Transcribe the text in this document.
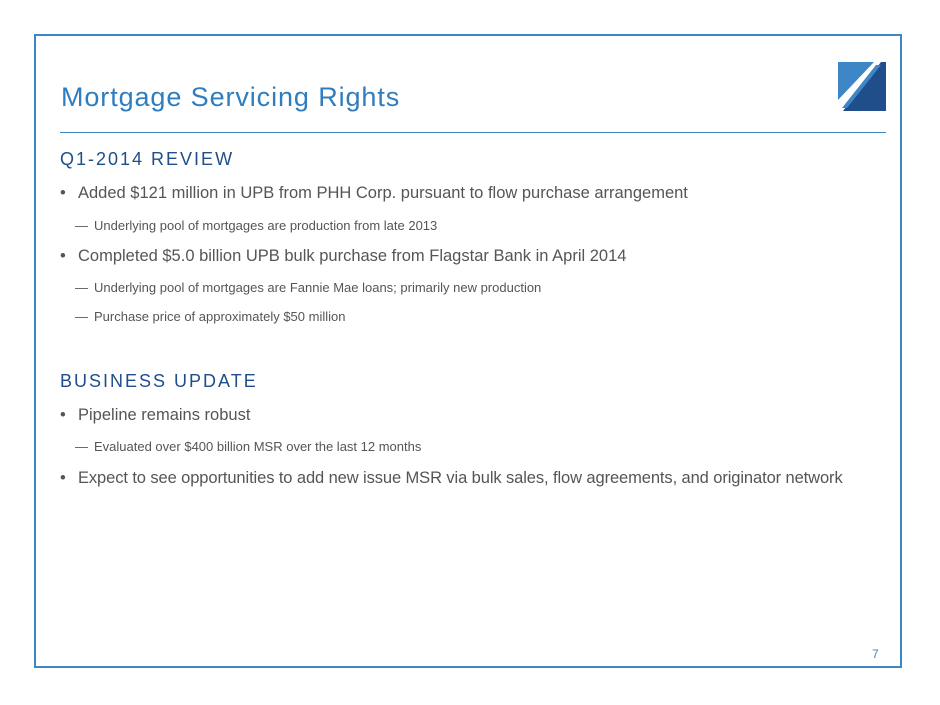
Mortgage Servicing Rights
Q1-2014 REVIEW
• Added $121 million in UPB from PHH Corp. pursuant to flow purchase arrangement
— Underlying pool of mortgages are production from late 2013
• Completed $5.0 billion UPB bulk purchase from Flagstar Bank in April 2014
— Underlying pool of mortgages are Fannie Mae loans; primarily new production
— Purchase price of approximately $50 million
BUSINESS UPDATE
• Pipeline remains robust
— Evaluated over $400 billion MSR over the last 12 months
• Expect to see opportunities to add new issue MSR via bulk sales, flow agreements, and originator network
7
